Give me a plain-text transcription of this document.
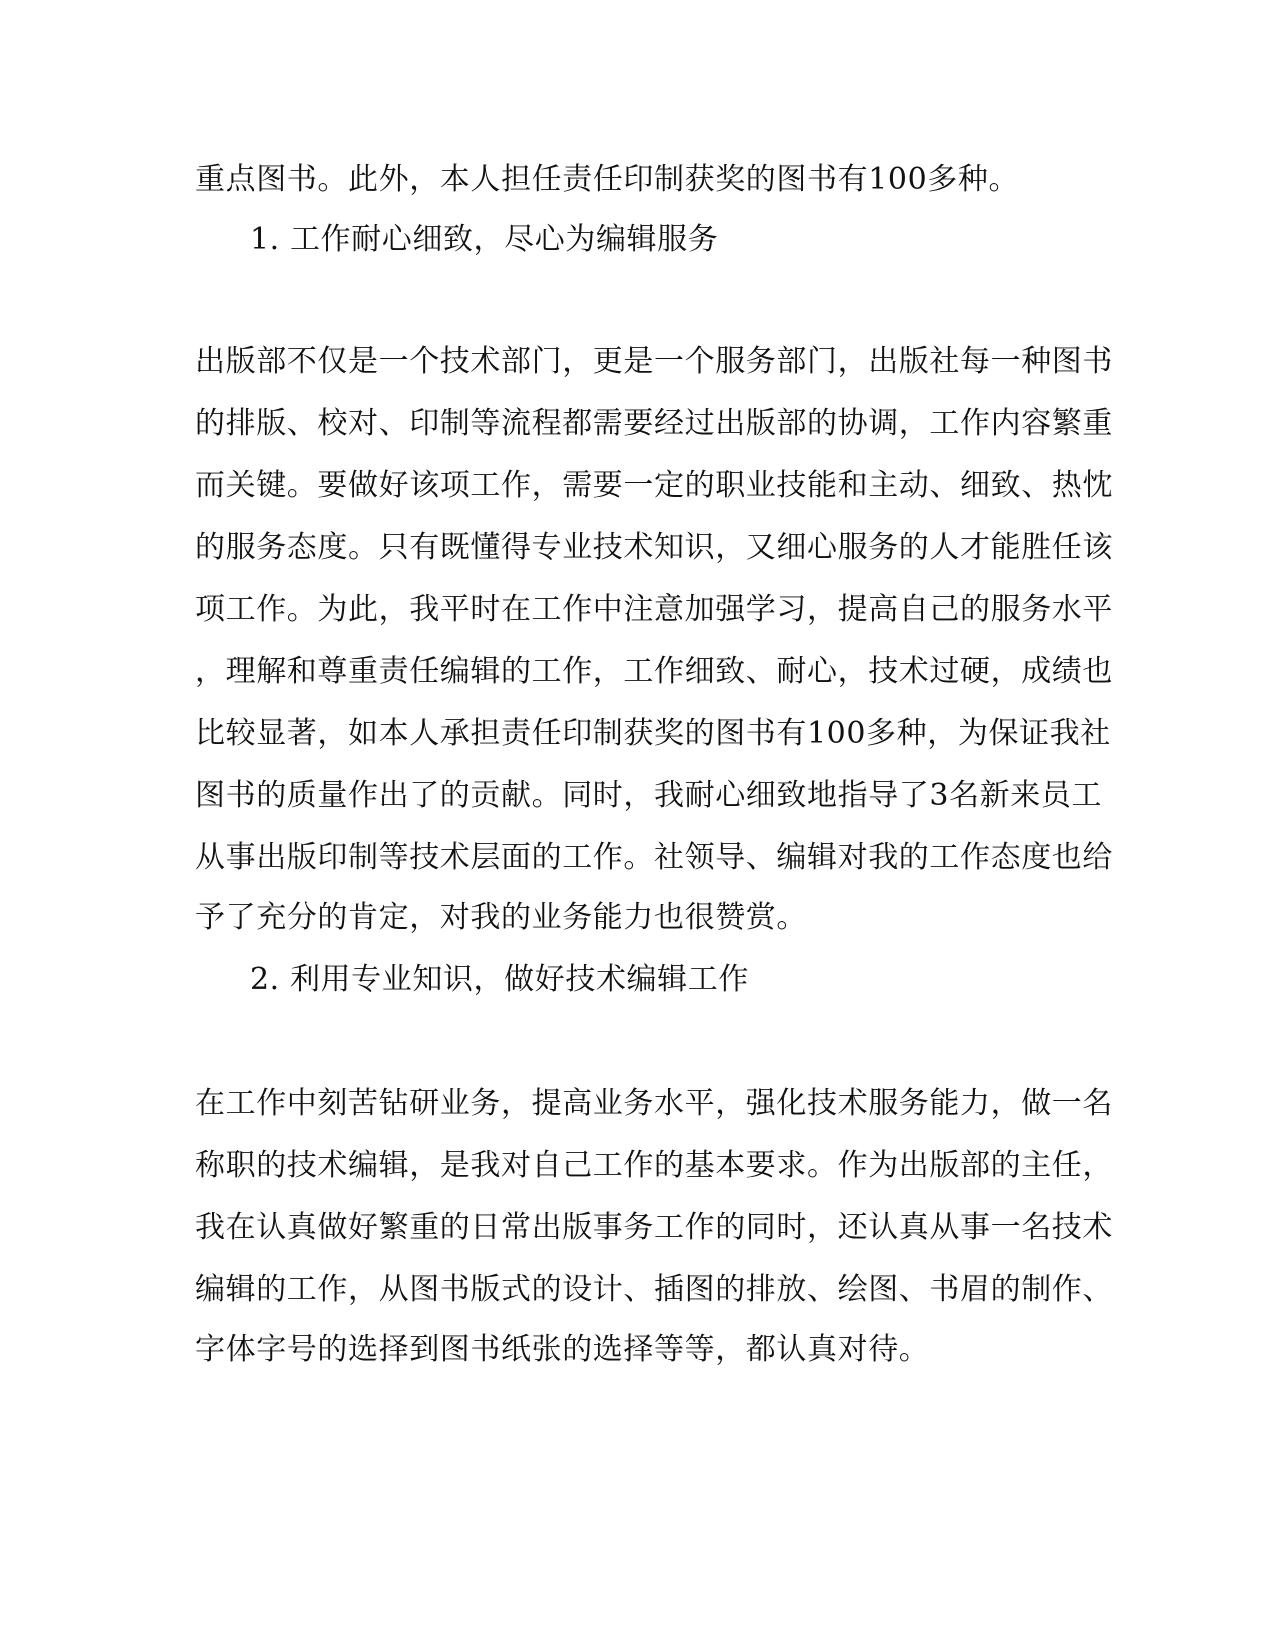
重点图书。此外，本人担任责任印制获奖的图书有100多种。
1. 工作耐心细致，尽心为编辑服务
出版部不仅是一个技术部门，更是一个服务部门，出版社每一种图书
的排版、校对、印制等流程都需要经过出版部的协调，工作内容繁重
而关键。要做好该项工作，需要一定的职业技能和主动、细致、热忱
的服务态度。只有既懂得专业技术知识，又细心服务的人才能胜任该
项工作。为此，我平时在工作中注意加强学习，提高自己的服务水平
，理解和尊重责任编辑的工作，工作细致、耐心，技术过硬，成绩也
比较显著，如本人承担责任印制获奖的图书有100多种，为保证我社
图书的质量作出了的贡献。同时，我耐心细致地指导了3名新来员工
从事出版印制等技术层面的工作。社领导、编辑对我的工作态度也给
予了充分的肯定，对我的业务能力也很赞赏。
2. 利用专业知识，做好技术编辑工作
在工作中刻苦钻研业务，提高业务水平，强化技术服务能力，做一名
称职的技术编辑，是我对自己工作的基本要求。作为出版部的主任，
我在认真做好繁重的日常出版事务工作的同时，还认真从事一名技术
编辑的工作，从图书版式的设计、插图的排放、绘图、书眉的制作、
字体字号的选择到图书纸张的选择等等，都认真对待。
